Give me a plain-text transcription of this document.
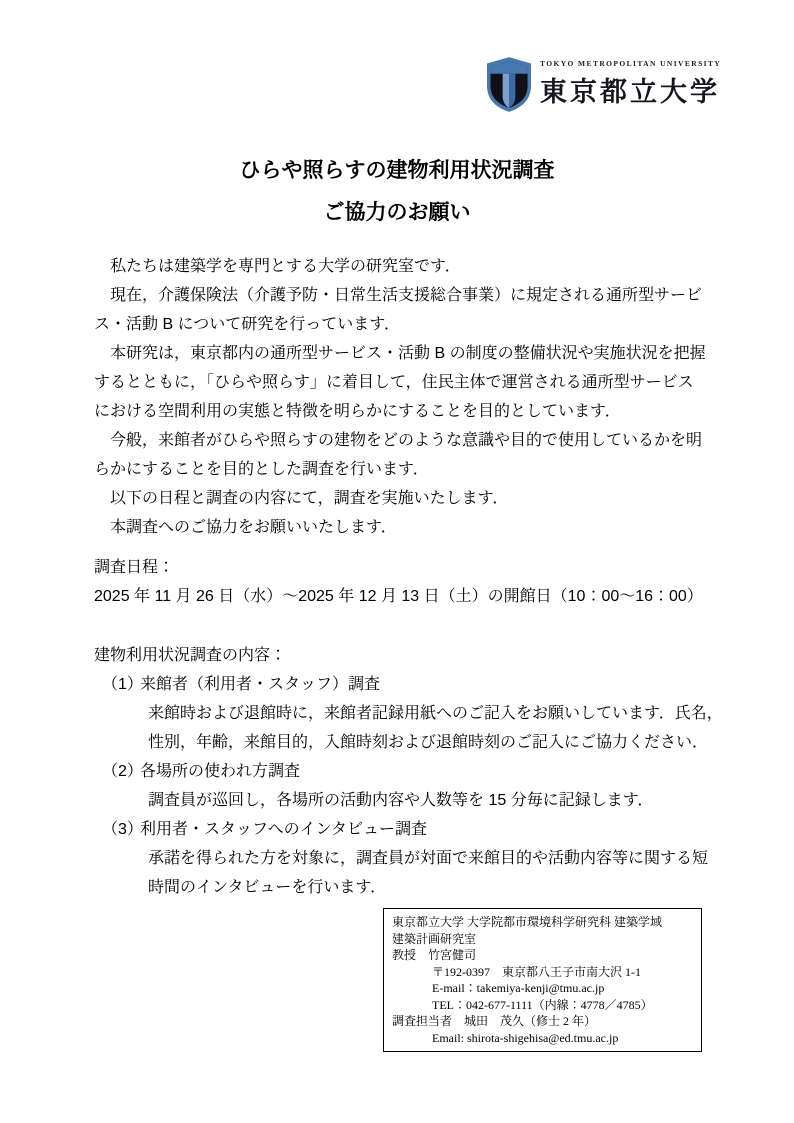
TOKYO METROPOLITAN UNIVERSITY
東京都立大学
ひらや照らすの建物利用状況調査
ご協力のお願い
　私たちは建築学を専門とする大学の研究室です．
　現在，介護保険法（介護予防・日常生活支援総合事業）に規定される通所型サービ
ス・活動 B について研究を行っています．
　本研究は，東京都内の通所型サービス・活動 B の制度の整備状況や実施状況を把握
するとともに，「ひらや照らす」に着目して，住民主体で運営される通所型サービス
における空間利用の実態と特徴を明らかにすることを目的としています．
　今般，来館者がひらや照らすの建物をどのような意識や目的で使用しているかを明
らかにすることを目的とした調査を行います．
　以下の日程と調査の内容にて，調査を実施いたします．
　本調査へのご協力をお願いいたします．
調査日程：
2025 年 11 月 26 日（水）～2025 年 12 月 13 日（土）の開館日（10：00～16：00）
建物利用状況調査の内容：
（1）
来館者（利用者・スタッフ）調査
来館時および退館時に，来館者記録用紙へのご記入をお願いしています．氏名，
性別，年齢，来館目的，入館時刻および退館時刻のご記入にご協力ください．
（2）
各場所の使われ方調査
調査員が巡回し，各場所の活動内容や人数等を 15 分毎に記録します．
（3）
利用者・スタッフへのインタビュー調査
承諾を得られた方を対象に，調査員が対面で来館目的や活動内容等に関する短
時間のインタビューを行います．
東京都立大学 大学院都市環境科学研究科 建築学域
建築計画研究室
教授　竹宮健司
〒192-0397　東京都八王子市南大沢 1-1
E-mail：takemiya-kenji@tmu.ac.jp
TEL：042-677-1111（内線：4778／4785）
調査担当者　城田　茂久（修士 2 年）
Email: shirota-shigehisa@ed.tmu.ac.jp
